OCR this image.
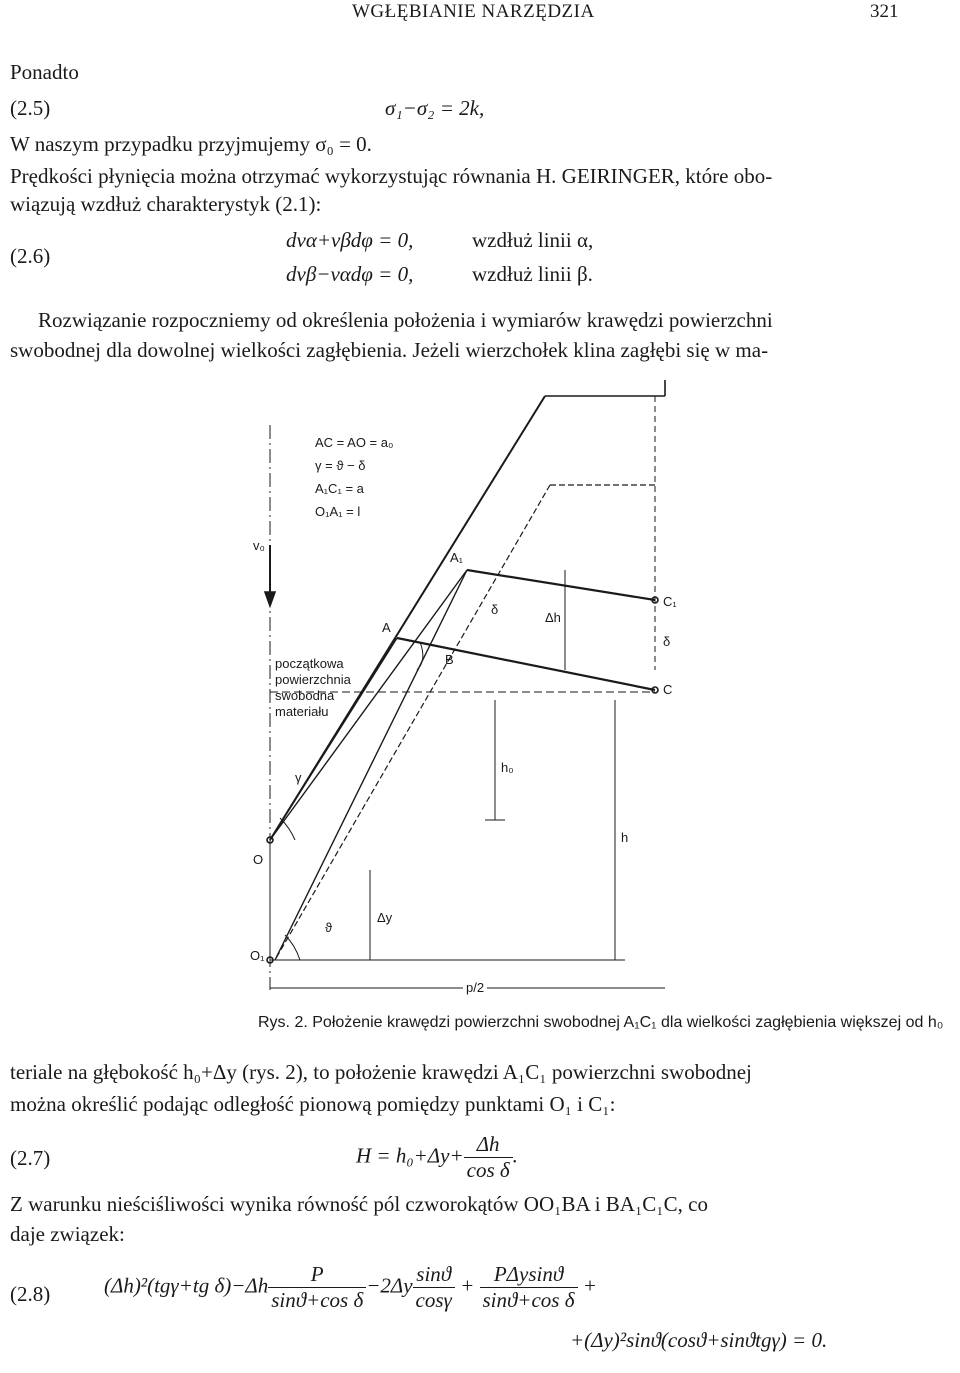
WGŁĘBIANIE NARZĘDZIA	321
Ponadto
(2.5)	σ₁−σ₂ = 2k,
W naszym przypadku przyjmujemy σ₀ = 0.
Prędkości płynięcia można otrzymać wykorzystując równania H. GEIRINGER, które obo-
wiązują wzdłuż charakterystyk (2.1):
(2.6)
dvα+vβdφ = 0,	wzdłuż linii α,
dvβ−vαdφ = 0,	wzdłuż linii β.
Rozwiązanie rozpoczniemy od określenia położenia i wymiarów krawędzi powierzchni
swobodnej dla dowolnej wielkości zagłębienia. Jeżeli wierzchołek klina zagłębi się w ma-
AC = AO = a₀
γ = ϑ − δ
A₁C₁ = a
O₁A₁ = l
v₀
początkowa
powierzchnia
swobodna
materiału
A
A₁
B
C
C₁
O
O₁
δ
δ
γ
ϑ
Δh
h₀
h
Δy
p/2
Rys. 2. Położenie krawędzi powierzchni swobodnej A₁C₁ dla wielkości zagłębienia większej od h₀
teriale na głębokość h₀+Δy (rys. 2), to położenie krawędzi A₁C₁ powierzchni swobodnej
można określić podając odległość pionową pomiędzy punktami O₁ i C₁:
(2.7)	$H = h_0+\Delta y+ \frac{\Delta h}{\text{cos δ}}$ .
Z warunku nieściśliwości wynika równość pól czworokątów OO₁BA i BA₁C₁C, co
daje związek:
(2.8)	(Δh)²(tgγ+tg $\delta)-\Delta h \frac{P}{\text{sinϑ+cos δ}} -2\Delta y \frac{\sin ϑ}{\cos\gamma} + \frac{\text{PΔysinϑ}}{\text{sinϑ+cos δ}}$ +
+(Δy)²sinϑ(cosϑ+sinϑtgγ) = 0.
